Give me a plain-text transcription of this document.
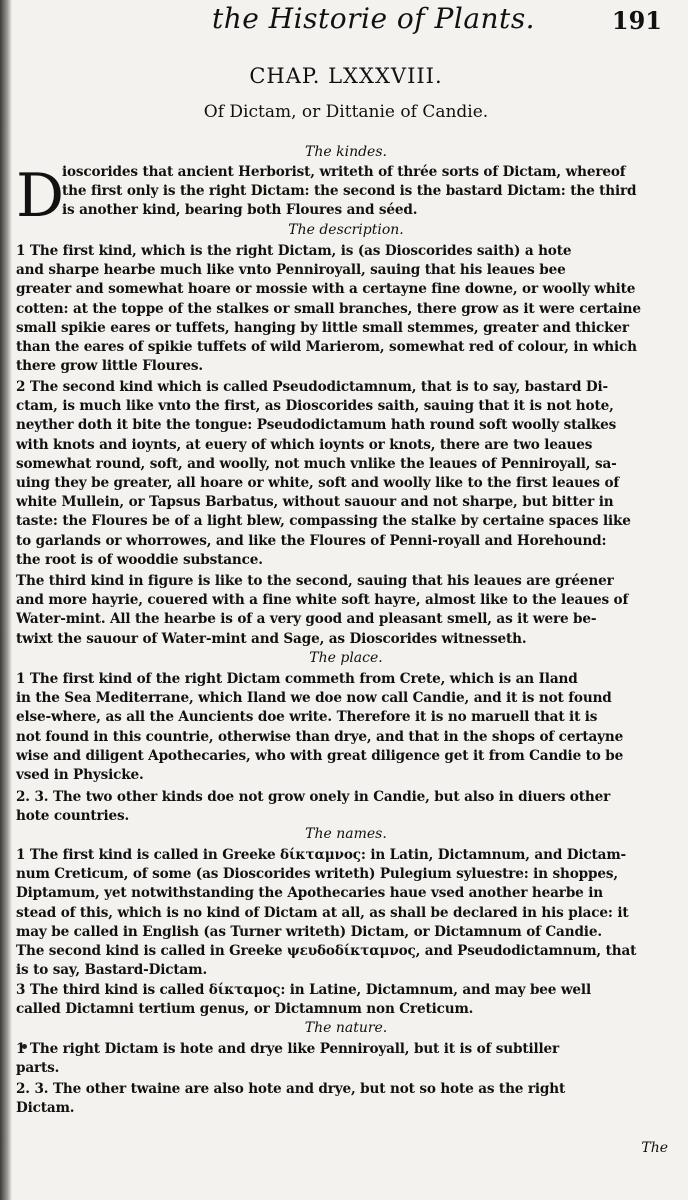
the Historie of Plants.	191
CHAP. LXXXVIII.
Of Dictam, or Dittanie of Candie.
The kindes.
D
ioscorides that ancient Herborist, writeth of thrée sorts of Dictam, whereof
the first only is the right Dictam: the second is the bastard Dictam: the third
is another kind, bearing both Floures and séed.
The description.
1 The first kind, which is the right Dictam, is (as Dioscorides saith) a hote
and sharpe hearbe much like vnto Penniroyall, sauing that his leaues bee
greater and somewhat hoare or mossie with a certayne fine downe, or woolly white
cotten: at the toppe of the stalkes or small branches, there grow as it were certaine
small spikie eares or tuffets, hanging by little small stemmes, greater and thicker
than the eares of spikie tuffets of wild Marierom, somewhat red of colour, in which
there grow little Floures.
2 The second kind which is called Pseudodictamnum, that is to say, bastard Di-
ctam, is much like vnto the first, as Dioscorides saith, sauing that it is not hote,
neyther doth it bite the tongue: Pseudodictamum hath round soft woolly stalkes
with knots and ioynts, at euery of which ioynts or knots, there are two leaues
somewhat round, soft, and woolly, not much vnlike the leaues of Penniroyall, sa-
uing they be greater, all hoare or white, soft and woolly like to the first leaues of
white Mullein, or Tapsus Barbatus, without sauour and not sharpe, but bitter in
taste: the Floures be of a light blew, compassing the stalke by certaine spaces like
to garlands or whorrowes, and like the Floures of Penni-royall and Horehound:
the root is of wooddie substance.
The third kind in figure is like to the second, sauing that his leaues are gréener
and more hayrie, couered with a fine white soft hayre, almost like to the leaues of
Water-mint. All the hearbe is of a very good and pleasant smell, as it were be-
twixt the sauour of Water-mint and Sage, as Dioscorides witnesseth.
The place.
1 The first kind of the right Dictam commeth from Crete, which is an Iland
in the Sea Mediterrane, which Iland we doe now call Candie, and it is not found
else-where, as all the Auncients doe write. Therefore it is no maruell that it is
not found in this countrie, otherwise than drye, and that in the shops of certayne
wise and diligent Apothecaries, who with great diligence get it from Candie to be
vsed in Physicke.
2. 3. The two other kinds doe not grow onely in Candie, but also in diuers other
hote countries.
The names.
1 The first kind is called in Greeke δίκταμνος: in Latin, Dictamnum, and Dictam-
num Creticum, of some (as Dioscorides writeth) Pulegium syluestre: in shoppes,
Diptamum, yet notwithstanding the Apothecaries haue vsed another hearbe in
stead of this, which is no kind of Dictam at all, as shall be declared in his place: it
may be called in English (as Turner writeth) Dictam, or Dictamnum of Candie.
The second kind is called in Greeke ψευδοδίκταμνος, and Pseudodictamnum, that
is to say, Bastard-Dictam.
3 The third kind is called δίκταμος: in Latine, Dictamnum, and may bee well
called Dictamni tertium genus, or Dictamnum non Creticum.
The nature.
1 The right Dictam is hote and drye like Penniroyall, but it is of subtiller
parts.
2. 3. The other twaine are also hote and drye, but not so hote as the right
Dictam.
The
